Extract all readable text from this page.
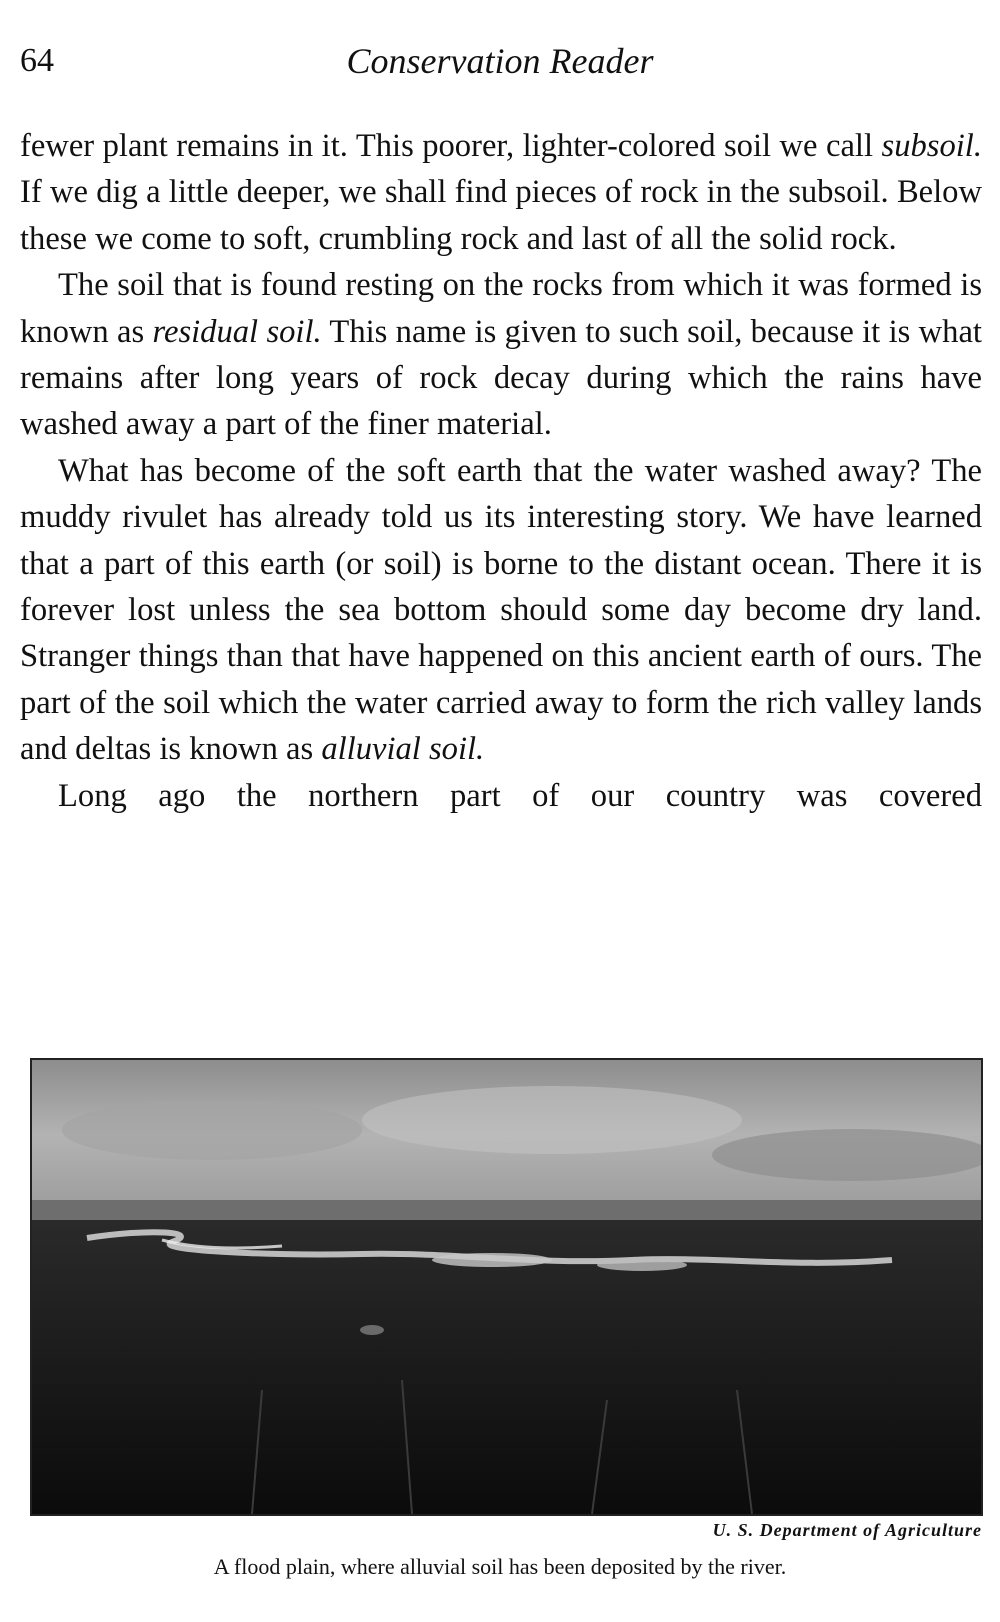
64	Conservation Reader

fewer plant remains in it. This poorer, lighter-colored soil we call subsoil. If we dig a little deeper, we shall find pieces of rock in the subsoil. Below these we come to soft, crumbling rock and last of all the solid rock.

The soil that is found resting on the rocks from which it was formed is known as residual soil. This name is given to such soil, because it is what remains after long years of rock decay during which the rains have washed away a part of the finer material.

What has become of the soft earth that the water washed away? The muddy rivulet has already told us its interesting story. We have learned that a part of this earth (or soil) is borne to the distant ocean. There it is forever lost unless the sea bottom should some day become dry land. Stranger things than that have happened on this ancient earth of ours. The part of the soil which the water carried away to form the rich valley lands and deltas is known as alluvial soil.

Long ago the northern part of our country was covered

U. S. Department of Agriculture
A flood plain, where alluvial soil has been deposited by the river.
